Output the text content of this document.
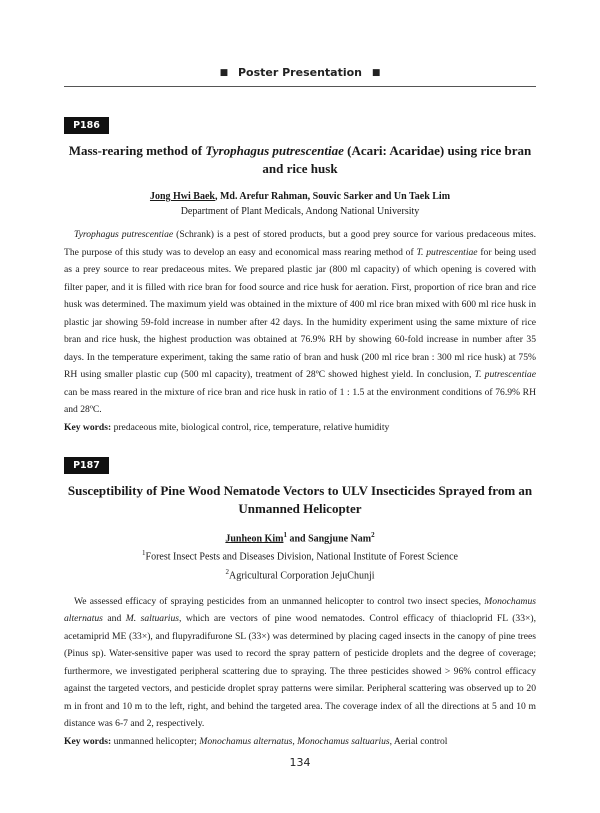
■ Poster Presentation ■
P186
Mass-rearing method of Tyrophagus putrescentiae (Acari: Acaridae) using rice bran and rice husk
Jong Hwi Baek, Md. Arefur Rahman, Souvic Sarker and Un Taek Lim
Department of Plant Medicals, Andong National University
Tyrophagus putrescentiae (Schrank) is a pest of stored products, but a good prey source for various predaceous mites. The purpose of this study was to develop an easy and economical mass rearing method of T. putrescentiae for being used as a prey source to rear predaceous mites. We prepared plastic jar (800 ml capacity) of which opening is covered with filter paper, and it is filled with rice bran for food source and rice husk for aeration. First, proportion of rice bran and rice husk was determined. The maximum yield was obtained in the mixture of 400 ml rice bran mixed with 600 ml rice husk in plastic jar showing 59-fold increase in number after 42 days. In the humidity experiment using the same mixture of rice bran and rice husk, the highest production was obtained at 76.9% RH by showing 60-fold increase in number after 35 days. In the temperature experiment, taking the same ratio of bran and husk (200 ml rice bran : 300 ml rice husk) at 75% RH using smaller plastic cup (500 ml capacity), treatment of 28ºC showed highest yield. In conclusion, T. putrescentiae can be mass reared in the mixture of rice bran and rice husk in ratio of 1 : 1.5 at the environment conditions of 76.9% RH and 28ºC.
Key words: predaceous mite, biological control, rice, temperature, relative humidity
P187
Susceptibility of Pine Wood Nematode Vectors to ULV Insecticides Sprayed from an Unmanned Helicopter
Junheon Kim$^1$ and Sangjune Nam$^2$
$^1$Forest Insect Pests and Diseases Division, National Institute of Forest Science
$^2$Agricultural Corporation JejuChunji
We assessed efficacy of spraying pesticides from an unmanned helicopter to control two insect species, Monochamus alternatus and M. saltuarius, which are vectors of pine wood nematodes. Control efficacy of thiacloprid FL (33×), acetamiprid ME (33×), and flupyradifurone SL (33×) was determined by placing caged insects in the canopy of pine trees (Pinus sp). Water-sensitive paper was used to record the spray pattern of pesticide droplets and the degree of coverage; furthermore, we investigated peripheral scattering due to spraying. The three pesticides showed > 96% control efficacy against the targeted vectors, and pesticide droplet spray patterns were similar. Peripheral scattering was observed up to 20 m in front and 10 m to the left, right, and behind the targeted area. The coverage index of all the directions at 5 and 10 m distance was 6-7 and 2, respectively.
Key words: unmanned helicopter; Monochamus alternatus, Monochamus saltuarius, Aerial control
134
